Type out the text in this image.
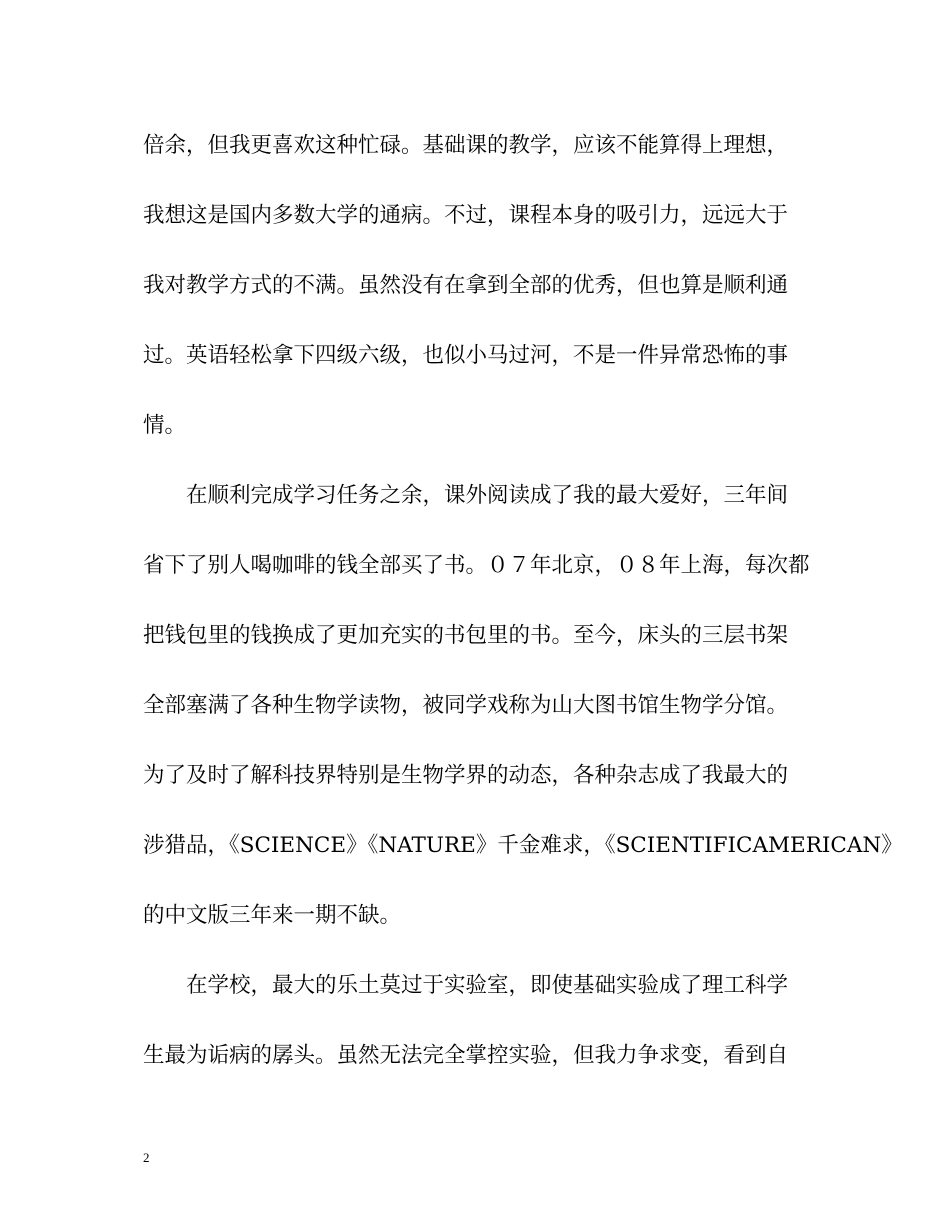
倍余，但我更喜欢这种忙碌。基础课的教学，应该不能算得上理想，
我想这是国内多数大学的通病。不过，课程本身的吸引力，远远大于
我对教学方式的不满。虽然没有在拿到全部的优秀，但也算是顺利通
过。英语轻松拿下四级六级，也似小马过河，不是一件异常恐怖的事
情。
　　在顺利完成学习任务之余，课外阅读成了我的最大爱好，三年间
省下了别人喝咖啡的钱全部买了书。０７年北京，０８年上海，每次都
把钱包里的钱换成了更加充实的书包里的书。至今，床头的三层书架
全部塞满了各种生物学读物，被同学戏称为山大图书馆生物学分馆。
为了及时了解科技界特别是生物学界的动态，各种杂志成了我最大的
涉猎品，《SCIENCE》《NATURE》千金难求，《SCIENTIFICAMERICAN》
的中文版三年来一期不缺。
　　在学校，最大的乐土莫过于实验室，即使基础实验成了理工科学
生最为诟病的孱头。虽然无法完全掌控实验，但我力争求变，看到自
2
